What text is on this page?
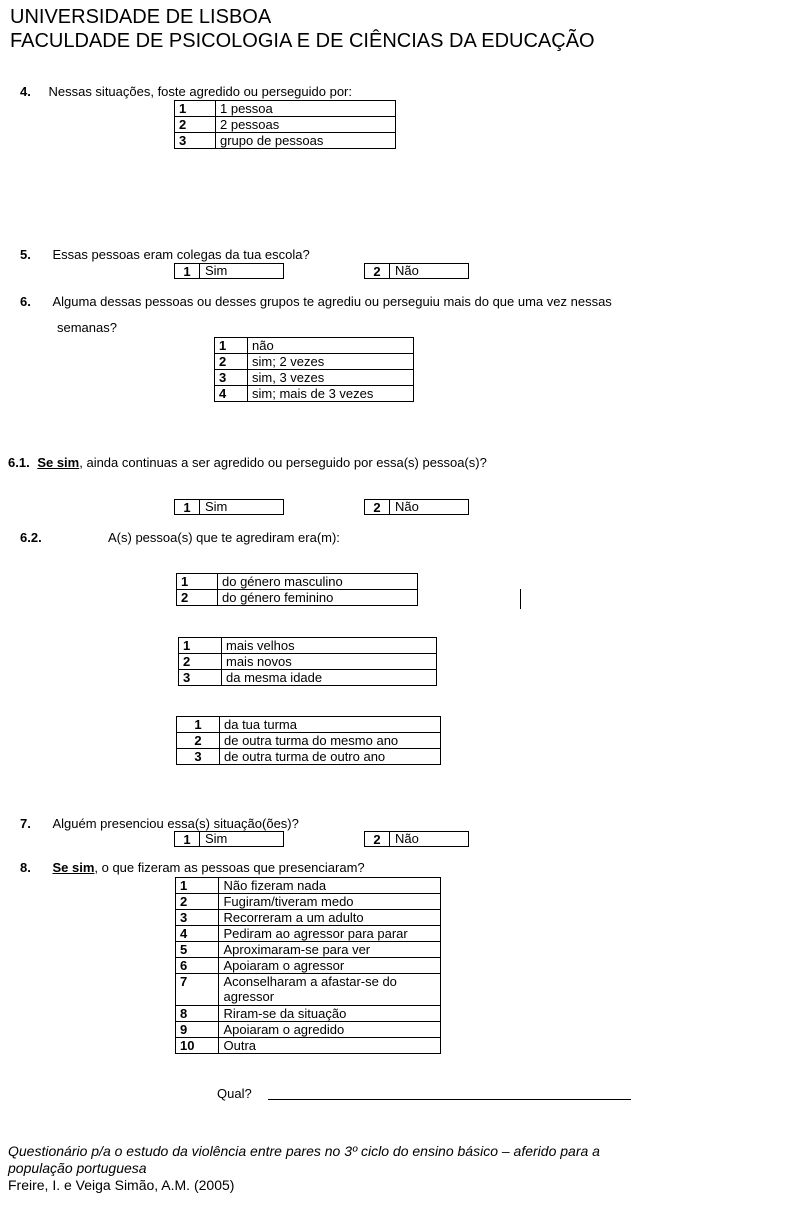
UNIVERSIDADE DE LISBOA
FACULDADE DE PSICOLOGIA E DE CIÊNCIAS DA EDUCAÇÃO
4. Nessas situações, foste agredido ou perseguido por:
1	1 pessoa
2	2 pessoas
3	grupo de pessoas
5. Essas pessoas eram colegas da tua escola?
1	Sim	2	Não
6. Alguma dessas pessoas ou desses grupos te agrediu ou perseguiu mais do que uma vez nessas
semanas?
1	não
2	sim; 2 vezes
3	sim, 3 vezes
4	sim; mais de 3 vezes
6.1. Se sim, ainda continuas a ser agredido ou perseguido por essa(s) pessoa(s)?
1	Sim	2	Não
6.2.	A(s) pessoa(s) que te agrediram era(m):
1	do género masculino
2	do género feminino
1	mais velhos
2	mais novos
3	da mesma idade
1	da tua turma
2	de outra turma do mesmo ano
3	de outra turma de outro ano
7. Alguém presenciou essa(s) situação(ões)?
1	Sim	2	Não
8. Se sim, o que fizeram as pessoas que presenciaram?
1	Não fizeram nada
2	Fugiram/tiveram medo
3	Recorreram a um adulto
4	Pediram ao agressor para parar
5	Aproximaram-se para ver
6	Apoiaram o agressor
7	Aconselharam a afastar-se do agressor
8	Riram-se da situação
9	Apoiaram o agredido
10	Outra
Qual?
Questionário p/a o estudo da violência entre pares no 3º ciclo do ensino básico – aferido para a
população portuguesa
Freire, I. e Veiga Simão, A.M. (2005)
